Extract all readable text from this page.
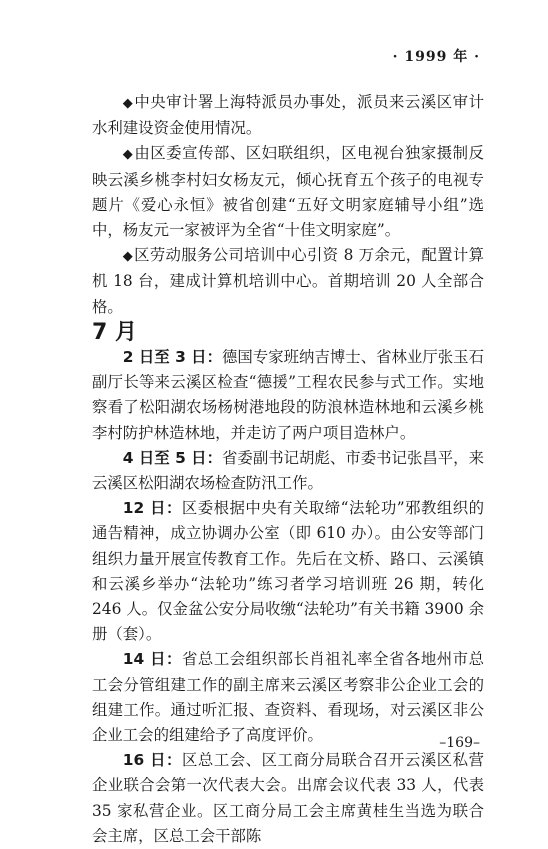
· 1999 年 ·

◆中央审计署上海特派员办事处，派员来云溪区审计水利建设资金使用情况。

◆由区委宣传部、区妇联组织，区电视台独家摄制反映云溪乡桃李村妇女杨友元，倾心抚育五个孩子的电视专题片《爱心永恒》被省创建“五好文明家庭辅导小组”选中，杨友元一家被评为全省“十佳文明家庭”。

◆区劳动服务公司培训中心引资 8 万余元，配置计算机 18 台，建成计算机培训中心。首期培训 20 人全部合格。

7 月

2 日至 3 日：德国专家班纳吉博士、省林业厅张玉石副厅长等来云溪区检查“德援”工程农民参与式工作。实地察看了松阳湖农场杨树港地段的防浪林造林地和云溪乡桃李村防护林造林地，并走访了两户项目造林户。

4 日至 5 日：省委副书记胡彪、市委书记张昌平，来云溪区松阳湖农场检查防汛工作。

12 日：区委根据中央有关取缔“法轮功”邪教组织的通告精神，成立协调办公室（即 610 办）。由公安等部门组织力量开展宣传教育工作。先后在文桥、路口、云溪镇和云溪乡举办“法轮功”练习者学习培训班 26 期，转化 246 人。仅金盆公安分局收缴“法轮功”有关书籍 3900 余册（套）。

14 日：省总工会组织部长肖祖礼率全省各地州市总工会分管组建工作的副主席来云溪区考察非公企业工会的组建工作。通过听汇报、查资料、看现场，对云溪区非公企业工会的组建给予了高度评价。

16 日：区总工会、区工商分局联合召开云溪区私营企业联合会第一次代表大会。出席会议代表 33 人，代表 35 家私营企业。区工商分局工会主席黄桂生当选为联合会主席，区总工会干部陈

–169–
